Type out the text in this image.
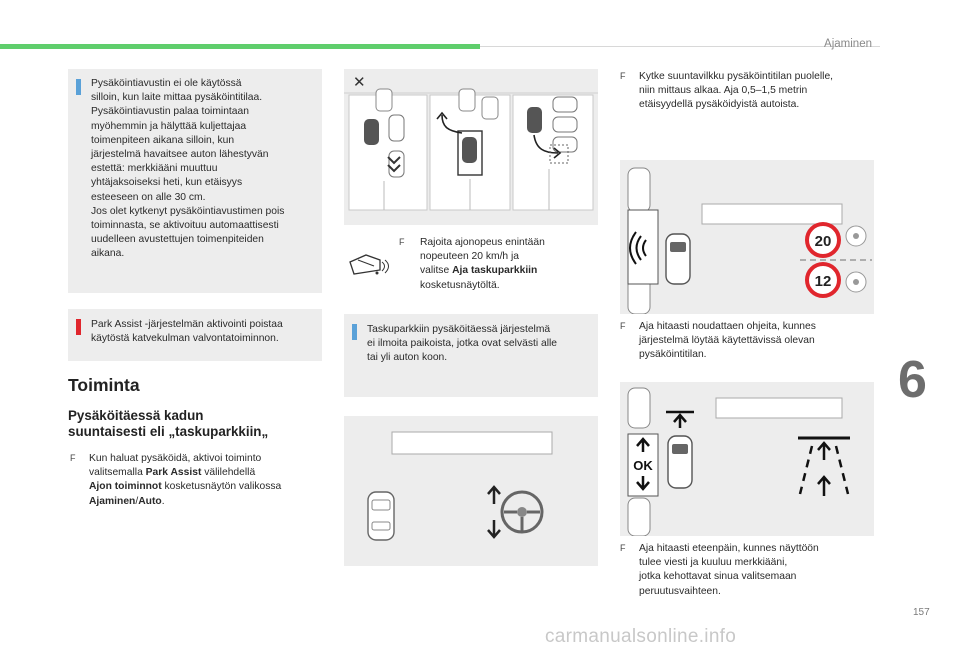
Ajaminen
6
157
carmanualsonline.info
Pysäköintiavustin ei ole käytössä
silloin, kun laite mittaa pysäköintitilaa.
Pysäköintiavustin palaa toimintaan
myöhemmin ja hälyttää kuljettajaa
toimenpiteen aikana silloin, kun
järjestelmä havaitsee auton lähestyvän
estettä: merkkiääni muuttuu
yhtäjaksoiseksi heti, kun etäisyys
esteeseen on alle 30 cm.
Jos olet kytkenyt pysäköintiavustimen pois
toiminnasta, se aktivoituu automaattisesti
uudelleen avustettujen toimenpiteiden
aikana.
Park Assist -järjestelmän aktivointi poistaa
käytöstä katvekulman valvontatoiminnon.
Toiminta
Pysäköitäessä kadun
suuntaisesti eli „taskuparkkiin„
F Kun haluat pysäköidä, aktivoi toiminto
valitsemalla Park Assist välilehdellä
Ajon toiminnot kosketusnäytön valikossa
Ajaminen/Auto.
✕
F Rajoita ajonopeus enintään
nopeuteen 20 km/h ja
valitse Aja taskuparkkiin
kosketusnäytöltä.
Taskuparkkiin pysäköitäessä järjestelmä
ei ilmoita paikoista, jotka ovat selvästi alle
tai yli auton koon.
F Kytke suuntavilkku pysäköintitilan puolelle,
niin mittaus alkaa. Aja 0,5–1,5 metrin
etäisyydellä pysäköidyistä autoista.
20
12
F Aja hitaasti noudattaen ohjeita, kunnes
järjestelmä löytää käytettävissä olevan
pysäköintitilan.
OK
F Aja hitaasti eteenpäin, kunnes näyttöön
tulee viesti ja kuuluu merkkiääni,
jotka kehottavat sinua valitsemaan
peruutusvaihteen.
